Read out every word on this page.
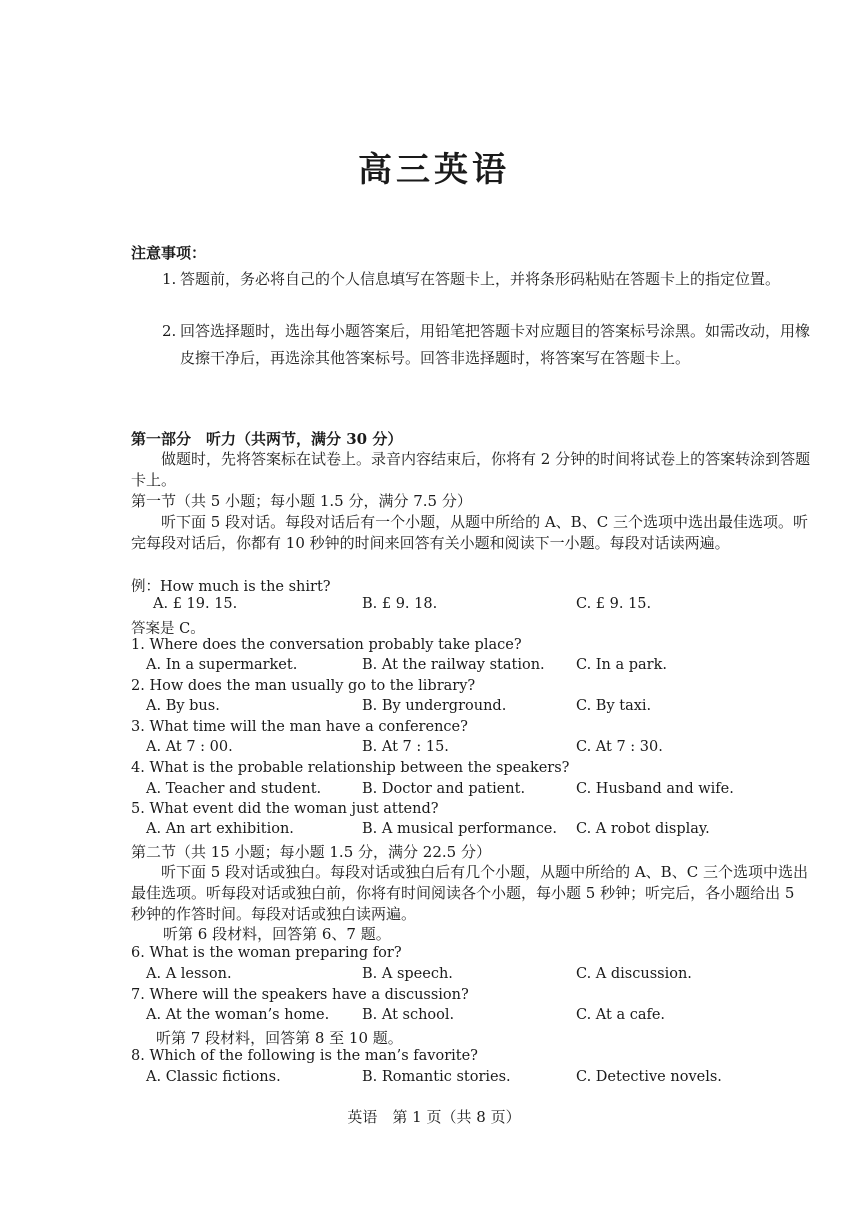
高三英语
注意事项：
1. 答题前，务必将自己的个人信息填写在答题卡上，并将条形码粘贴在答题卡上的指定位置。
2. 回答选择题时，选出每小题答案后，用铅笔把答题卡对应题目的答案标号涂黑。如需改动，用橡皮擦干净后，再选涂其他答案标号。回答非选择题时，将答案写在答题卡上。
第一部分　听力（共两节，满分 30 分）
做题时，先将答案标在试卷上。录音内容结束后，你将有 2 分钟的时间将试卷上的答案转涂到答题卡上。
第一节（共 5 小题；每小题 1.5 分，满分 7.5 分）
听下面 5 段对话。每段对话后有一个小题，从题中所给的 A、B、C 三个选项中选出最佳选项。听完每段对话后，你都有 10 秒钟的时间来回答有关小题和阅读下一小题。每段对话读两遍。
例：How much is the shirt?
A. £ 19. 15.	B. £ 9. 18.	C. £ 9. 15.
答案是 C。
1. Where does the conversation probably take place?
A. In a supermarket.	B. At the railway station. C. In a park.
2. How does the man usually go to the library?
A. By bus.	B. By underground.	C. By taxi.
3. What time will the man have a conference?
A. At 7 : 00.	B. At 7 : 15.	C. At 7 : 30.
4. What is the probable relationship between the speakers?
A. Teacher and student.	B. Doctor and patient.	C. Husband and wife.
5. What event did the woman just attend?
A. An art exhibition.	B. A musical performance. C. A robot display.
第二节（共 15 小题；每小题 1.5 分，满分 22.5 分）
听下面 5 段对话或独白。每段对话或独白后有几个小题，从题中所给的 A、B、C 三个选项中选出最佳选项。听每段对话或独白前，你将有时间阅读各个小题，每小题 5 秒钟；听完后，各小题给出 5 秒钟的作答时间。每段对话或独白读两遍。
听第 6 段材料，回答第 6、7 题。
6. What is the woman preparing for?
A. A lesson.	B. A speech.	C. A discussion.
7. Where will the speakers have a discussion?
A. At the woman’s home. B. At school.	C. At a cafe.
听第 7 段材料，回答第 8 至 10 题。
8. Which of the following is the man’s favorite?
A. Classic fictions.	B. Romantic stories.	C. Detective novels.
英语　第 1 页（共 8 页）
